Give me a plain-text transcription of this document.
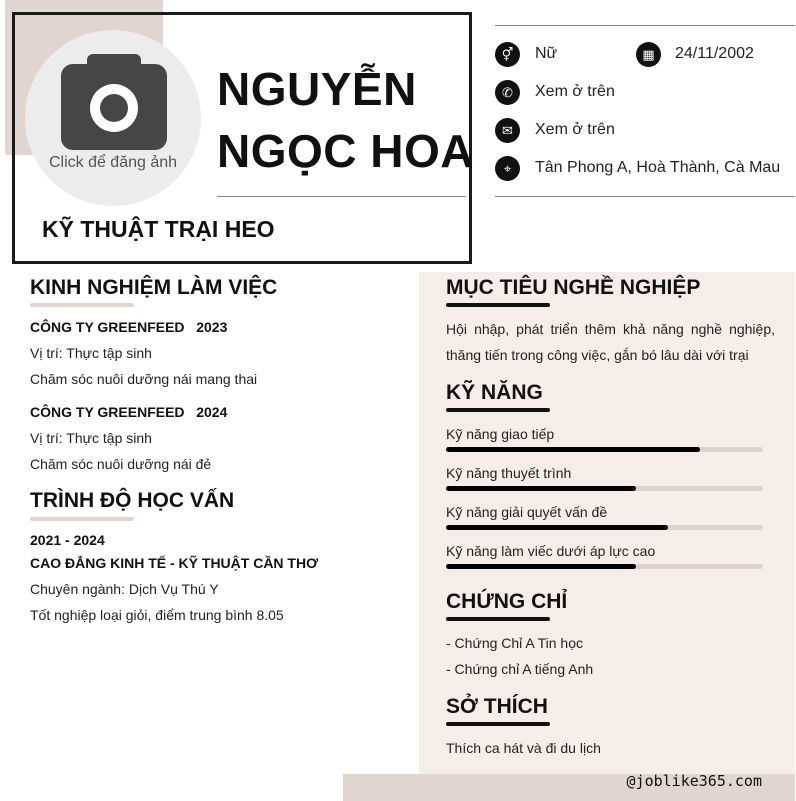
Click để đăng ảnh
NGUYỄN
NGỌC HOA
KỸ THUẬT TRẠI HEO
⚥	Nữ	▦	24/11/2002
✆	Xem ở trên
✉	Xem ở trên
⌖	Tân Phong A, Hoà Thành, Cà Mau
KINH NGHIỆM LÀM VIỆC
CÔNG TY GREENFEED 2023
Vị trí: Thực tập sinh
Chăm sóc nuôi dưỡng nái mang thai
CÔNG TY GREENFEED 2024
Vị trí: Thực tập sinh
Chăm sóc nuôi dưỡng nái đẻ
TRÌNH ĐỘ HỌC VẤN
2021 - 2024
CAO ĐẲNG KINH TẾ - KỸ THUẬT CẦN THƠ
Chuyên ngành: Dịch Vụ Thú Y
Tốt nghiệp loại giỏi, điểm trung bình 8.05
MỤC TIÊU NGHỀ NGHIỆP
Hội nhập, phát triển thêm khả năng nghề nghiệp, thăng tiến trong công việc, gắn bó lâu dài với trại
KỸ NĂNG
Kỹ năng giao tiếp
Kỹ năng thuyết trình
Kỹ năng giải quyết vấn đề
Kỹ năng làm viếc dưới áp lực cao
CHỨNG CHỈ
- Chứng Chỉ A Tin học
- Chứng chỉ A tiếng Anh
SỞ THÍCH
Thích ca hát và đi du lịch
@joblike365.com
